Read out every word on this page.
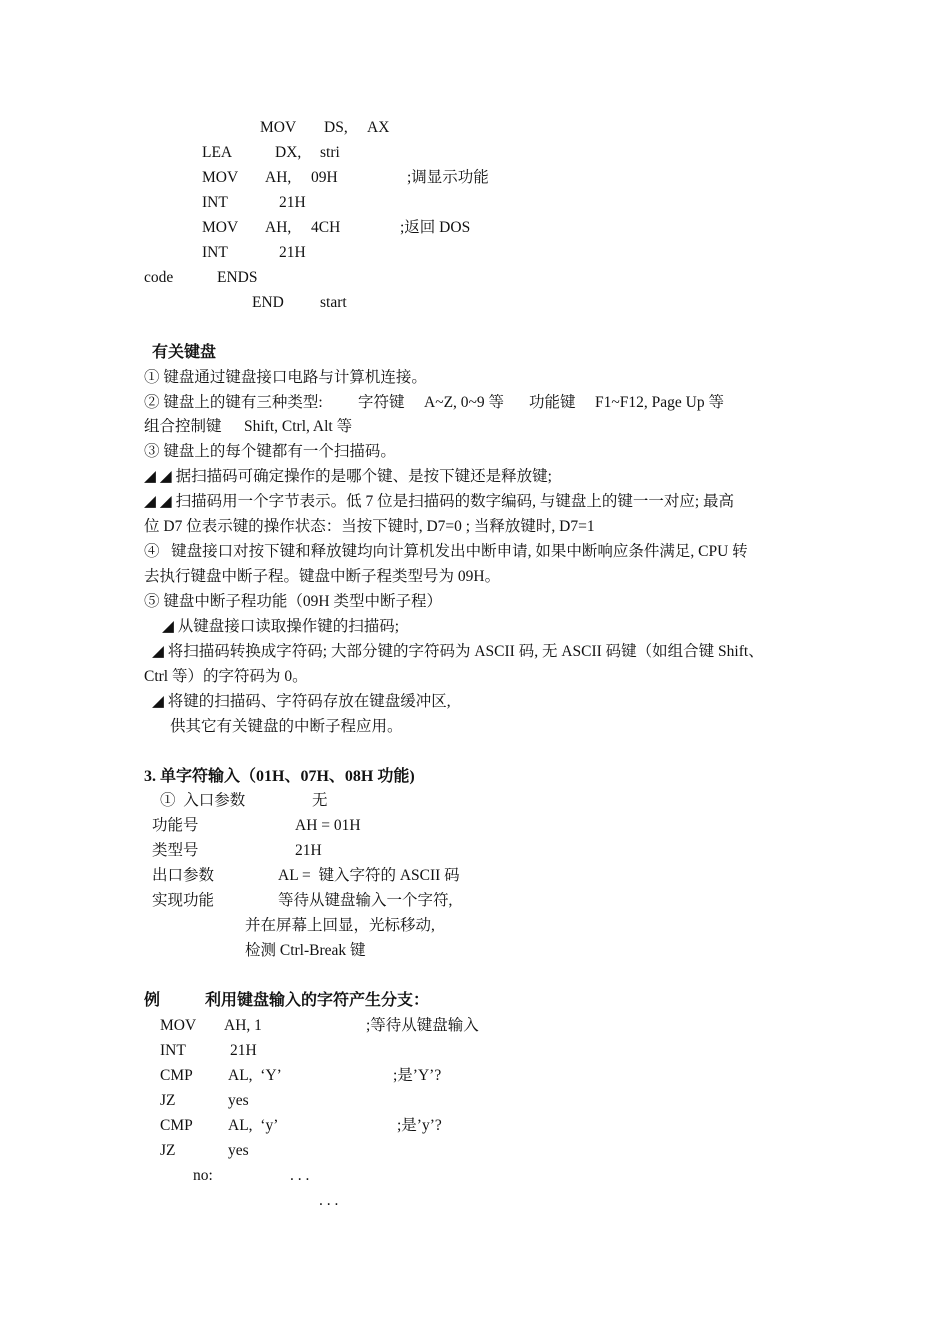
MOV DS, AX
LEA	DX, stri
MOV AH, 09H	;调显示功能
INT	21H
MOV AH, 4CH	;返回 DOS
INT	21H
code	ENDS
END start
有关键盘
① 键盘通过键盘接口电路与计算机连接。
② 键盘上的键有三种类型: 字符键 A~Z, 0~9 等 功能键 F1~F12, Page Up 等
组合控制键 Shift, Ctrl, Alt 等
③ 键盘上的每个键都有一个扫描码。
◢ ◢ 据扫描码可确定操作的是哪个键、是按下键还是释放键;
◢ ◢ 扫描码用一个字节表示。低 7 位是扫描码的数字编码, 与键盘上的键一一对应; 最高
位 D7 位表示键的操作状态：当按下键时, D7=0 ; 当释放键时, D7=1
④   键盘接口对按下键和释放键均向计算机发出中断申请, 如果中断响应条件满足, CPU 转
去执行键盘中断子程。键盘中断子程类型号为 09H。
⑤ 键盘中断子程功能（09H 类型中断子程）
◢ 从键盘接口读取操作键的扫描码;
◢ 将扫描码转换成字符码; 大部分键的字符码为 ASCII 码, 无 ASCII 码键（如组合键 Shift、
Ctrl 等）的字符码为 0。
◢ 将键的扫描码、字符码存放在键盘缓冲区,
供其它有关键盘的中断子程应用。
3. 单字符输入（01H、07H、08H 功能)
①  入口参数	无
功能号	AH = 01H
类型号	21H
出口参数	AL =  键入字符的 ASCII 码
实现功能	等待从键盘输入一个字符,
并在屏幕上回显，光标移动,
检测 Ctrl-Break 键
例	利用键盘输入的字符产生分支：
MOV AH, 1	;等待从键盘输入
INT	21H
CMP AL,  ‘Y’	;是’Y’?
JZ	yes
CMP AL,  ‘y’	;是’y’?
JZ	yes
no:	. . .
. . .
